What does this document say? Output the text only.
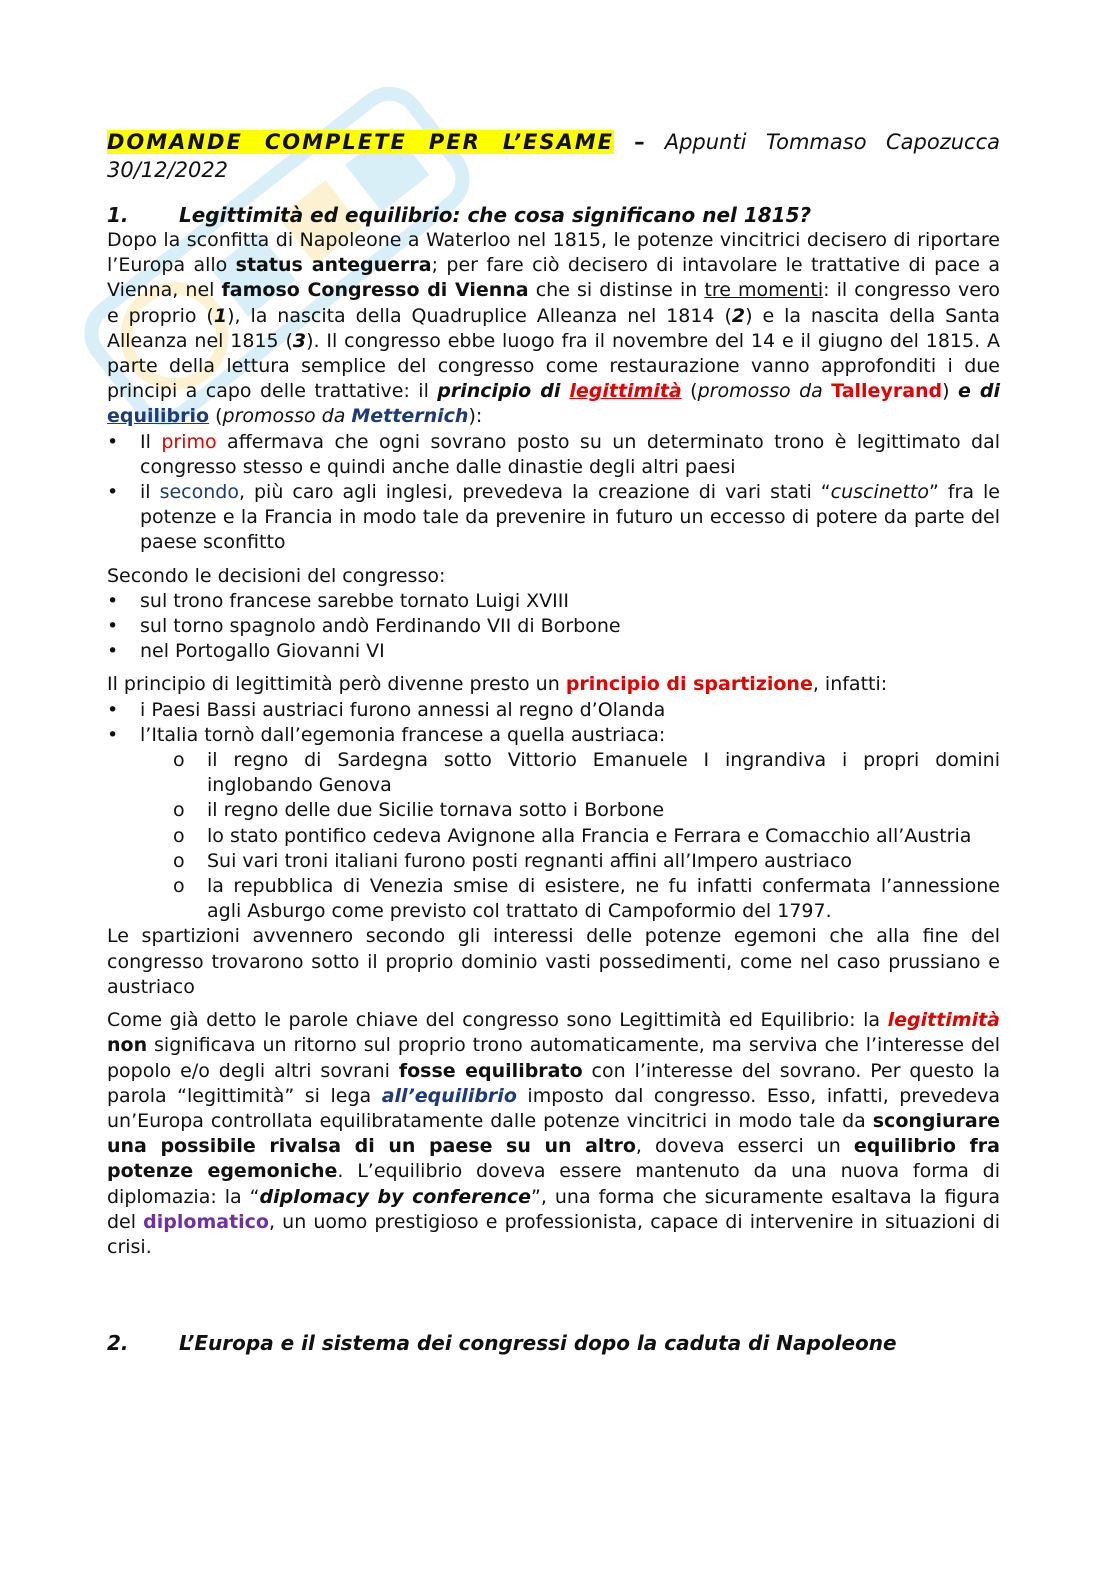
DOMANDE COMPLETE PER L’ESAME – Appunti Tommaso Capozucca 30/12/2022
1.	Legittimità ed equilibrio: che cosa significano nel 1815?

Dopo la sconfitta di Napoleone a Waterloo nel 1815, le potenze vincitrici decisero di riportare l’Europa allo status anteguerra; per fare ciò decisero di intavolare le trattative di pace a Vienna, nel famoso Congresso di Vienna che si distinse in tre momenti: il congresso vero e proprio (1), la nascita della Quadruplice Alleanza nel 1814 (2) e la nascita della Santa Alleanza nel 1815 (3). Il congresso ebbe luogo fra il novembre del 14 e il giugno del 1815. A parte della lettura semplice del congresso come restaurazione vanno approfonditi i due principi a capo delle trattative: il principio di legittimità (promosso da Talleyrand) e di equilibrio (promosso da Metternich):

• Il primo affermava che ogni sovrano posto su un determinato trono è legittimato dal congresso stesso e quindi anche dalle dinastie degli altri paesi
• il secondo, più caro agli inglesi, prevedeva la creazione di vari stati “cuscinetto” fra le potenze e la Francia in modo tale da prevenire in futuro un eccesso di potere da parte del paese sconfitto

Secondo le decisioni del congresso:

• sul trono francese sarebbe tornato Luigi XVIII
• sul torno spagnolo andò Ferdinando VII di Borbone
• nel Portogallo Giovanni VI

Il principio di legittimità però divenne presto un principio di spartizione, infatti:

• i Paesi Bassi austriaci furono annessi al regno d’Olanda
• l’Italia tornò dall’egemonia francese a quella austriaca:
o il regno di Sardegna sotto Vittorio Emanuele I ingrandiva i propri domini inglobando Genova
o il regno delle due Sicilie tornava sotto i Borbone
o lo stato pontifico cedeva Avignone alla Francia e Ferrara e Comacchio all’Austria
o Sui vari troni italiani furono posti regnanti affini all’Impero austriaco
o la repubblica di Venezia smise di esistere, ne fu infatti confermata l’annessione agli Asburgo come previsto col trattato di Campoformio del 1797.

Le spartizioni avvennero secondo gli interessi delle potenze egemoni che alla fine del congresso trovarono sotto il proprio dominio vasti possedimenti, come nel caso prussiano e austriaco

Come già detto le parole chiave del congresso sono Legittimità ed Equilibrio: la legittimità non significava un ritorno sul proprio trono automaticamente, ma serviva che l’interesse del popolo e/o degli altri sovrani fosse equilibrato con l’interesse del sovrano. Per questo la parola “legittimità” si lega all’equilibrio imposto dal congresso. Esso, infatti, prevedeva un’Europa controllata equilibratamente dalle potenze vincitrici in modo tale da scongiurare una possibile rivalsa di un paese su un altro, doveva esserci un equilibrio fra potenze egemoniche. L’equilibrio doveva essere mantenuto da una nuova forma di diplomazia: la “diplomacy by conference”, una forma che sicuramente esaltava la figura del diplomatico, un uomo prestigioso e professionista, capace di intervenire in situazioni di crisi.

2.	L’Europa e il sistema dei congressi dopo la caduta di Napoleone
